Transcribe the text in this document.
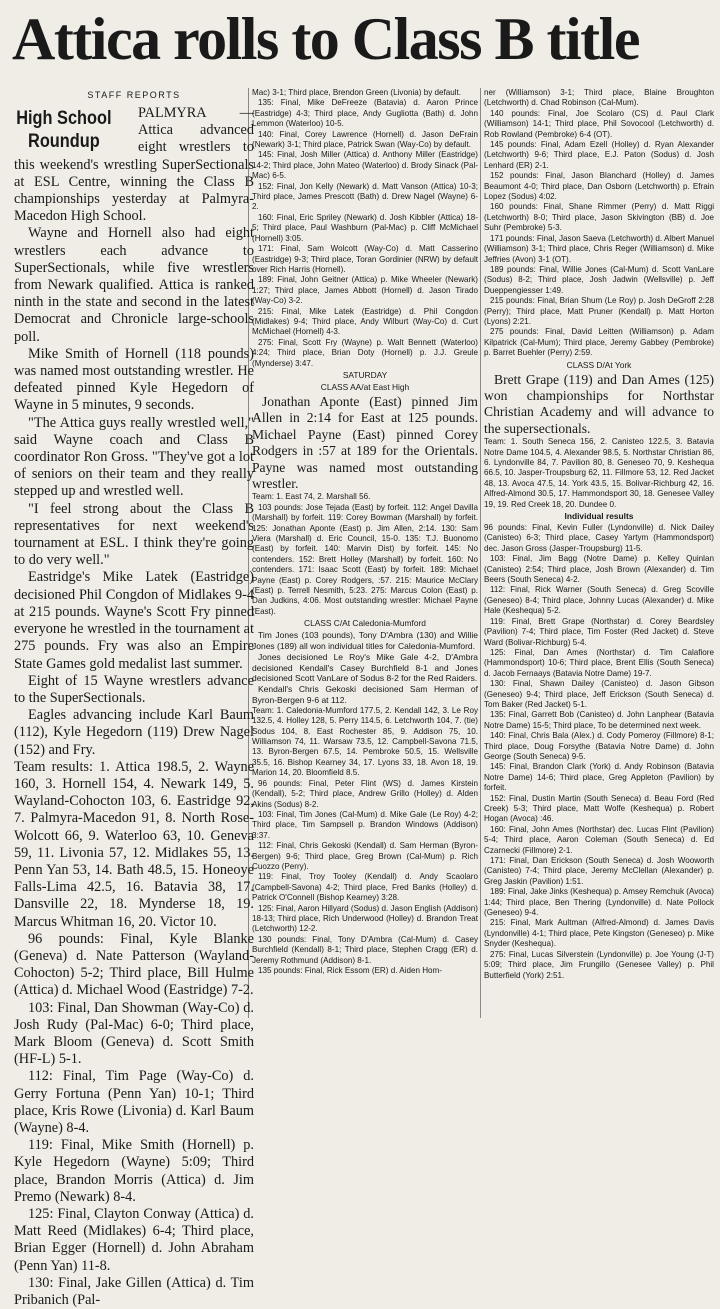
Attica rolls to Class B title
STAFF REPORTS

High School Roundup
PALMYRA — Attica advanced eight wrestlers to this weekend's wrestling SuperSectionals at ESL Centre, winning the Class B championships yesterday at Palmyra-Macedon High School.

Wayne and Hornell also had eight wrestlers each advance to SuperSectionals, while five wrestlers from Newark qualified. Attica is ranked ninth in the state and second in the latest Democrat and Chronicle large-schools poll.

Mike Smith of Hornell (118 pounds) was named most outstanding wrestler. He defeated pinned Kyle Hegedorn of Wayne in 5 minutes, 9 seconds.

"The Attica guys really wrestled well," said Wayne coach and Class B coordinator Ron Gross. "They've got a lot of seniors on their team and they really stepped up and wrestled well.

"I feel strong about the Class B representatives for next weekend's tournament at ESL. I think they're going to do very well."

Eastridge's Mike Latek (Eastridge) decisioned Phil Congdon of Midlakes 9-4 at 215 pounds. Wayne's Scott Fry pinned everyone he wrestled in the tournament at 275 pounds. Fry was also an Empire State Games gold medalist last summer.

Eight of 15 Wayne wrestlers advance to the SuperSectionals.

Eagles advancing include Karl Baum (112), Kyle Hegedorn (119) Drew Nagel (152) and Fry.

Team results: 1. Attica 198.5, 2. Wayne 160, 3. Hornell 154, 4. Newark 149, 5. Wayland-Cohocton 103, 6. Eastridge 92, 7. Palmyra-Macedon 91, 8. North Rose-Wolcott 66, 9. Waterloo 63, 10. Geneva 59, 11. Livonia 57, 12. Midlakes 55, 13. Penn Yan 53, 14. Bath 48.5, 15. Honeoye Falls-Lima 42.5, 16. Batavia 38, 17. Dansville 22, 18. Mynderse 18, 19. Marcus Whitman 16, 20. Victor 10.

96 pounds: Final, Kyle Blanke (Geneva) d. Nate Patterson (Wayland-Cohocton) 5-2; Third place, Bill Hulme (Attica) d. Michael Wood (Eastridge) 7-2.

103: Final, Dan Showman (Way-Co) d. Josh Rudy (Pal-Mac) 6-0; Third place, Mark Bloom (Geneva) d. Scott Smith (HF-L) 5-1.

112: Final, Tim Page (Way-Co) d. Gerry Fortuna (Penn Yan) 10-1; Third place, Kris Rowe (Livonia) d. Karl Baum (Wayne) 8-4.

119: Final, Mike Smith (Hornell) p. Kyle Hegedorn (Wayne) 5:09; Third place, Brandon Morris (Attica) d. Jim Premo (Newark) 8-4.

125: Final, Clayton Conway (Attica) d. Matt Reed (Midlakes) 6-4; Third place, Brian Egger (Hornell) d. John Abraham (Penn Yan) 11-8.

130: Final, Jake Gillen (Attica) d. Tim Pribanich (Pal-

Mac) 3-1; Third place, Brendon Green (Livonia) by default.

135: Final, Mike DeFreeze (Batavia) d. Aaron Prince (Eastridge) 4-3; Third place, Andy Gugliotta (Bath) d. John Lemmon (Waterloo) 10-5.

140: Final, Corey Lawrence (Hornell) d. Jason DeFrain (Newark) 3-1; Third place, Patrick Swan (Way-Co) by default.

145: Final, Josh Miller (Attica) d. Anthony Miller (Eastridge) 14-2; Third place, John Mateo (Waterloo) d. Brody Sinack (Pal-Mac) 6-5.

152: Final, Jon Kelly (Newark) d. Matt Vanson (Attica) 10-3; Third place, James Prescott (Bath) d. Drew Nagel (Wayne) 6-2.

160: Final, Eric Spriley (Newark) d. Josh Kibbler (Attica) 18-5; Third place, Paul Washburn (Pal-Mac) p. Cliff McMichael (Hornell) 3:05.

171: Final, Sam Wolcott (Way-Co) d. Matt Casserino (Eastridge) 9-3; Third place, Toran Gordinier (NRW) by default over Rich Harris (Hornell).

189: Final, John Geitner (Attica) p. Mike Wheeler (Newark) 1:27; Third place, James Abbott (Hornell) d. Jason Tirado (Way-Co) 3-2.

215: Final, Mike Latek (Eastridge) d. Phil Congdon (Midlakes) 9-4; Third place, Andy Wilburt (Way-Co) d. Curt McMichael (Hornell) 4-3.

275: Final, Scott Fry (Wayne) p. Walt Bennett (Waterloo) 4:24; Third place, Brian Doty (Hornell) p. J.J. Greule (Mynderse) 3:47.

SATURDAY
CLASS AA/at East High

Jonathan Aponte (East) pinned Jim Allen in 2:14 for East at 125 pounds. Michael Payne (East) pinned Corey Rodgers in :57 at 189 for the Orientals. Payne was named most outstanding wrestler.

Team: 1. East 74, 2. Marshall 56.

103 pounds: Jose Tejada (East) by forfeit. 112: Angel Davilla (Marshall) by forfeit. 119: Corey Bowman (Marshall) by forfeit. 125: Jonathan Aponte (East) p. Jim Allen, 2:14. 130: Sam Viera (Marshall) d. Eric Council, 15-0. 135: T.J. Buonomo (East) by forfeit. 140: Marvin Dist) by forfeit. 145: No contenders. 152: Brett Holley (Marshall) by forfeit. 160: No contenders. 171: Isaac Scott (East) by forfeit. 189: Michael Payne (East) p. Corey Rodgers, :57. 215: Maurice McClary (East) p. Terrell Nesmith, 5:23. 275: Marcus Colon (East) p. Dan Judkins, 4:06. Most outstanding wrestler: Michael Payne (East).

CLASS C/At Caledonia-Mumford

Tim Jones (103 pounds), Tony D'Ambra (130) and Willie Jones (189) all won individual titles for Caledonia-Mumford.

Jones decisioned Le Roy's Mike Gale 4-2, D'Ambra decisioned Kendall's Casey Burchfield 8-1 and Jones decisioned Scott VanLare of Sodus 8-2 for the Red Raiders.

Kendall's Chris Gekoski decisioned Sam Herman of Byron-Bergen 9-6 at 112.

Team: 1. Caledonia-Mumford 177.5, 2. Kendall 142, 3. Le Roy 132.5, 4. Holley 128, 5. Perry 114.5, 6. Letchworth 104, 7. (tie) Sodus 104, 8. East Rochester 85, 9. Addison 75, 10. Williamson 74, 11. Warsaw 73.5, 12. Campbell-Savona 71.5, 13. Byron-Bergen 67.5, 14. Pembroke 50.5, 15. Wellsville 35.5, 16. Bishop Kearney 34, 17. Lyons 33, 18. Avon 18, 19. Marion 14, 20. Bloomfield 8.5.

96 pounds: Final, Peter Flint (WS) d. James Kirstein (Kendall), 5-2; Third place, Andrew Grillo (Holley) d. Alden Akins (Sodus) 8-2.

103: Final, Tim Jones (Cal-Mum) d. Mike Gale (Le Roy) 4-2; Third place, Tim Sampsell p. Brandon Windows (Addison) 3:37.

112: Final, Chris Gekoski (Kendall) d. Sam Herman (Byron-Bergen) 9-6; Third place, Greg Brown (Cal-Mum) p. Rich Cuozzo (Perry).

119: Final, Troy Tooley (Kendall) d. Andy Scaolaro (Campbell-Savona) 4-2; Third place, Fred Banks (Holley) d. Patrick O'Connell (Bishop Kearney) 3:28.

125: Final, Aaron Hillyard (Sodus) d. Jason English (Addison) 18-13; Third place, Rich Underwood (Holley) d. Brandon Treat (Letchworth) 12-2.

130 pounds: Final, Tony D'Ambra (Cal-Mum) d. Casey Burchfield (Kendall) 8-1; Third place, Stephen Cragg (ER) d. Jeremy Rothmund (Addison) 8-1.

135 pounds: Final, Rick Essom (ER) d. Aiden Hom-

ner (Williamson) 3-1; Third place, Blaine Broughton (Letchworth) d. Chad Robinson (Cal-Mum).

140 pounds: Final, Joe Scolaro (CS) d. Paul Clark (Williamson) 14-1; Third place, Phil Sovocool (Letchworth) d. Rob Rowland (Pembroke) 6-4 (OT).

145 pounds: Final, Adam Ezell (Holley) d. Ryan Alexander (Letchworth) 9-6; Third place, E.J. Paton (Sodus) d. Josh Lenhard (ER) 2-1.

152 pounds: Final, Jason Blanchard (Holley) d. James Beaumont 4-0; Third place, Dan Osborn (Letchworth) p. Efrain Lopez (Sodus) 4:02.

160 pounds: Final, Shane Rimmer (Perry) d. Matt Riggi (Letchworth) 8-0; Third place, Jason Skivington (BB) d. Joe Suhr (Pembroke) 5-3.

171 pounds: Final, Jason Saeva (Letchworth) d. Albert Manuel (Williamson) 3-1; Third place, Chris Reger (Williamson) d. Mike Jeffries (Avon) 3-1 (OT).

189 pounds: Final, Willie Jones (Cal-Mum) d. Scott VanLare (Sodus) 8-2; Third place, Josh Jadwin (Wellsville) p. Jeff Dueppengiesser 1:49.

215 pounds: Final, Brian Shum (Le Roy) p. Josh DeGroff 2:28 (Perry); Third place, Matt Pruner (Kendall) p. Matt Horton (Lyons) 2:21.

275 pounds: Final, David Leitten (Williamson) p. Adam Kilpatrick (Cal-Mum); Third place, Jeremy Gabbey (Pembroke) p. Barret Buehler (Perry) 2:59.

CLASS D/At York

Brett Grape (119) and Dan Ames (125) won championships for Northstar Christian Academy and will advance to the supersectionals.

Team: 1. South Seneca 156, 2. Canisteo 122.5, 3. Batavia Notre Dame 104.5, 4. Alexander 98.5, 5. Northstar Christian 86, 6. Lyndonville 84, 7. Pavilion 80, 8. Geneseo 70, 9. Keshequa 66.5, 10. Jasper-Troupsburg 62, 11. Fillmore 53, 12. Red Jacket 48, 13. Avoca 47.5, 14. York 43.5, 15. Bolivar-Richburg 42, 16. Alfred-Almond 30.5, 17. Hammondsport 30, 18. Genesee Valley 19, 19. Red Creek 18, 20. Dundee 0.

Individual results

96 pounds: Final, Kevin Fuller (Lyndonville) d. Nick Dailey (Canisteo) 6-3; Third place, Casey Yartym (Hammondsport) dec. Jason Gross (Jasper-Troupsburg) 11-5.

103: Final, Jim Bagg (Notre Dame) p. Kelley Quinlan (Canisteo) 2:54; Third place, Josh Brown (Alexander) d. Tim Beers (South Seneca) 4-2.

112: Final, Rick Warner (South Seneca) d. Greg Scoville (Geneseo) 8-4; Third place, Johnny Lucas (Alexander) d. Mike Hale (Keshequa) 5-2.

119: Final, Brett Grape (Northstar) d. Corey Beardsley (Pavilion) 7-4; Third place, Tim Foster (Red Jacket) d. Steve Ward (Bolivar-Richburg) 5-4.

125: Final, Dan Ames (Northstar) d. Tim Calafiore (Hammondsport) 10-6; Third place, Brent Ellis (South Seneca) d. Jacob Fernaays (Batavia Notre Dame) 19-7.

130: Final, Shawn Dailey (Canisteo) d. Jason Gibson (Geneseo) 9-4; Third place, Jeff Erickson (South Seneca) d. Tom Baker (Red Jacket) 5-1.

135: Final, Garrett Bob (Canisteo) d. John Lanphear (Batavia Notre Dame) 15-5; Third place, To be determined next week.

140: Final, Chris Bala (Alex.) d. Cody Pomeroy (Fillmore) 8-1; Third place, Doug Forsythe (Batavia Notre Dame) d. John George (South Seneca) 9-5.

145: Final, Brandon Clark (York) d. Andy Robinson (Batavia Notre Dame) 14-6; Third place, Greg Appleton (Pavilion) by forfeit.

152: Final, Dustin Martin (South Seneca) d. Beau Ford (Red Creek) 5-3; Third place, Matt Wolfe (Keshequa) p. Robert Hogan (Avoca) :46.

160: Final, John Ames (Northstar) dec. Lucas Flint (Pavilion) 5-4; Third place, Aaron Coleman (South Seneca) d. Ed Czarnecki (Fillmore) 2-1.

171: Final, Dan Erickson (South Seneca) d. Josh Wooworth (Canisteo) 7-4; Third place, Jeremy McClellan (Alexander) p. Greg Jaskin (Pavilion) 1:51.

189: Final, Jake Jinks (Keshequa) p. Amsey Remchuk (Avoca) 1:44; Third place, Ben Thering (Lyndonville) d. Nate Pollock (Geneseo) 9-4.

215: Final, Mark Aultman (Alfred-Almond) d. James Davis (Lyndonville) 4-1; Third place, Pete Kingston (Geneseo) p. Mike Snyder (Keshequa).

275: Final, Lucas Silverstein (Lyndonville) p. Joe Young (J-T) 5:09; Third place, Jim Frungillo (Genesee Valley) p. Phil Butterfield (York) 2:51.
